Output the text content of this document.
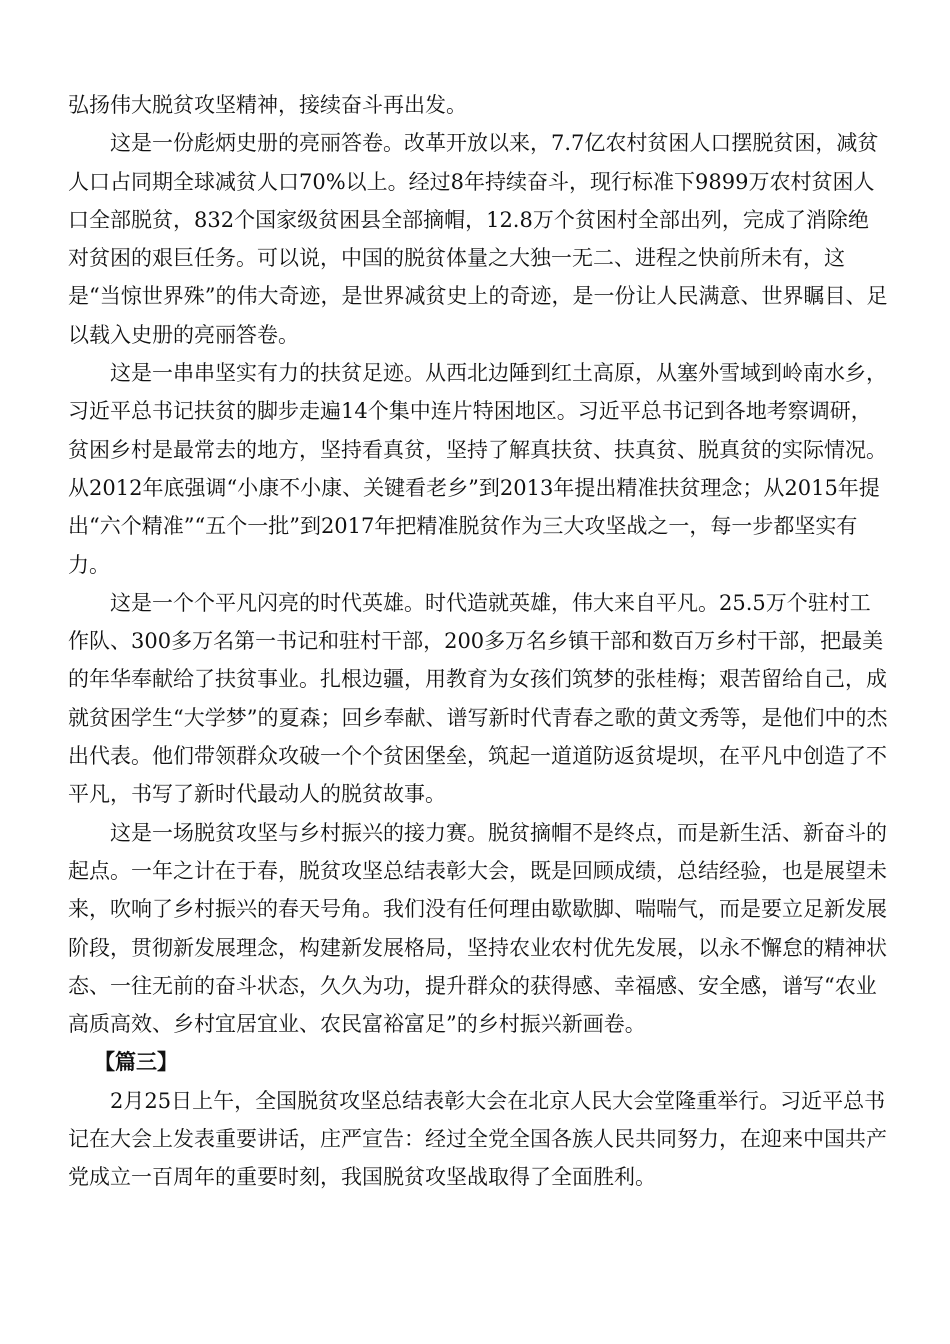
弘扬伟大脱贫攻坚精神，接续奋斗再出发。

这是一份彪炳史册的亮丽答卷。改革开放以来，7.7亿农村贫困人口摆脱贫困，减贫人口占同期全球减贫人口70%以上。经过8年持续奋斗，现行标准下9899万农村贫困人口全部脱贫，832个国家级贫困县全部摘帽，12.8万个贫困村全部出列，完成了消除绝对贫困的艰巨任务。可以说，中国的脱贫体量之大独一无二、进程之快前所未有，这是“当惊世界殊”的伟大奇迹，是世界减贫史上的奇迹，是一份让人民满意、世界瞩目、足以载入史册的亮丽答卷。

这是一串串坚实有力的扶贫足迹。从西北边陲到红土高原，从塞外雪域到岭南水乡，习近平总书记扶贫的脚步走遍14个集中连片特困地区。习近平总书记到各地考察调研，贫困乡村是最常去的地方，坚持看真贫，坚持了解真扶贫、扶真贫、脱真贫的实际情况。从2012年底强调“小康不小康、关键看老乡”到2013年提出精准扶贫理念；从2015年提出“六个精准”“五个一批”到2017年把精准脱贫作为三大攻坚战之一，每一步都坚实有力。

这是一个个平凡闪亮的时代英雄。时代造就英雄，伟大来自平凡。25.5万个驻村工作队、300多万名第一书记和驻村干部，200多万名乡镇干部和数百万乡村干部，把最美的年华奉献给了扶贫事业。扎根边疆，用教育为女孩们筑梦的张桂梅；艰苦留给自己，成就贫困学生“大学梦”的夏森；回乡奉献、谱写新时代青春之歌的黄文秀等，是他们中的杰出代表。他们带领群众攻破一个个贫困堡垒，筑起一道道防返贫堤坝，在平凡中创造了不平凡，书写了新时代最动人的脱贫故事。

这是一场脱贫攻坚与乡村振兴的接力赛。脱贫摘帽不是终点，而是新生活、新奋斗的起点。一年之计在于春，脱贫攻坚总结表彰大会，既是回顾成绩，总结经验，也是展望未来，吹响了乡村振兴的春天号角。我们没有任何理由歇歇脚、喘喘气，而是要立足新发展阶段，贯彻新发展理念，构建新发展格局，坚持农业农村优先发展，以永不懈怠的精神状态、一往无前的奋斗状态，久久为功，提升群众的获得感、幸福感、安全感，谱写“农业高质高效、乡村宜居宜业、农民富裕富足”的乡村振兴新画卷。

【篇三】

2月25日上午，全国脱贫攻坚总结表彰大会在北京人民大会堂隆重举行。习近平总书记在大会上发表重要讲话，庄严宣告：经过全党全国各族人民共同努力，在迎来中国共产党成立一百周年的重要时刻，我国脱贫攻坚战取得了全面胜利。
